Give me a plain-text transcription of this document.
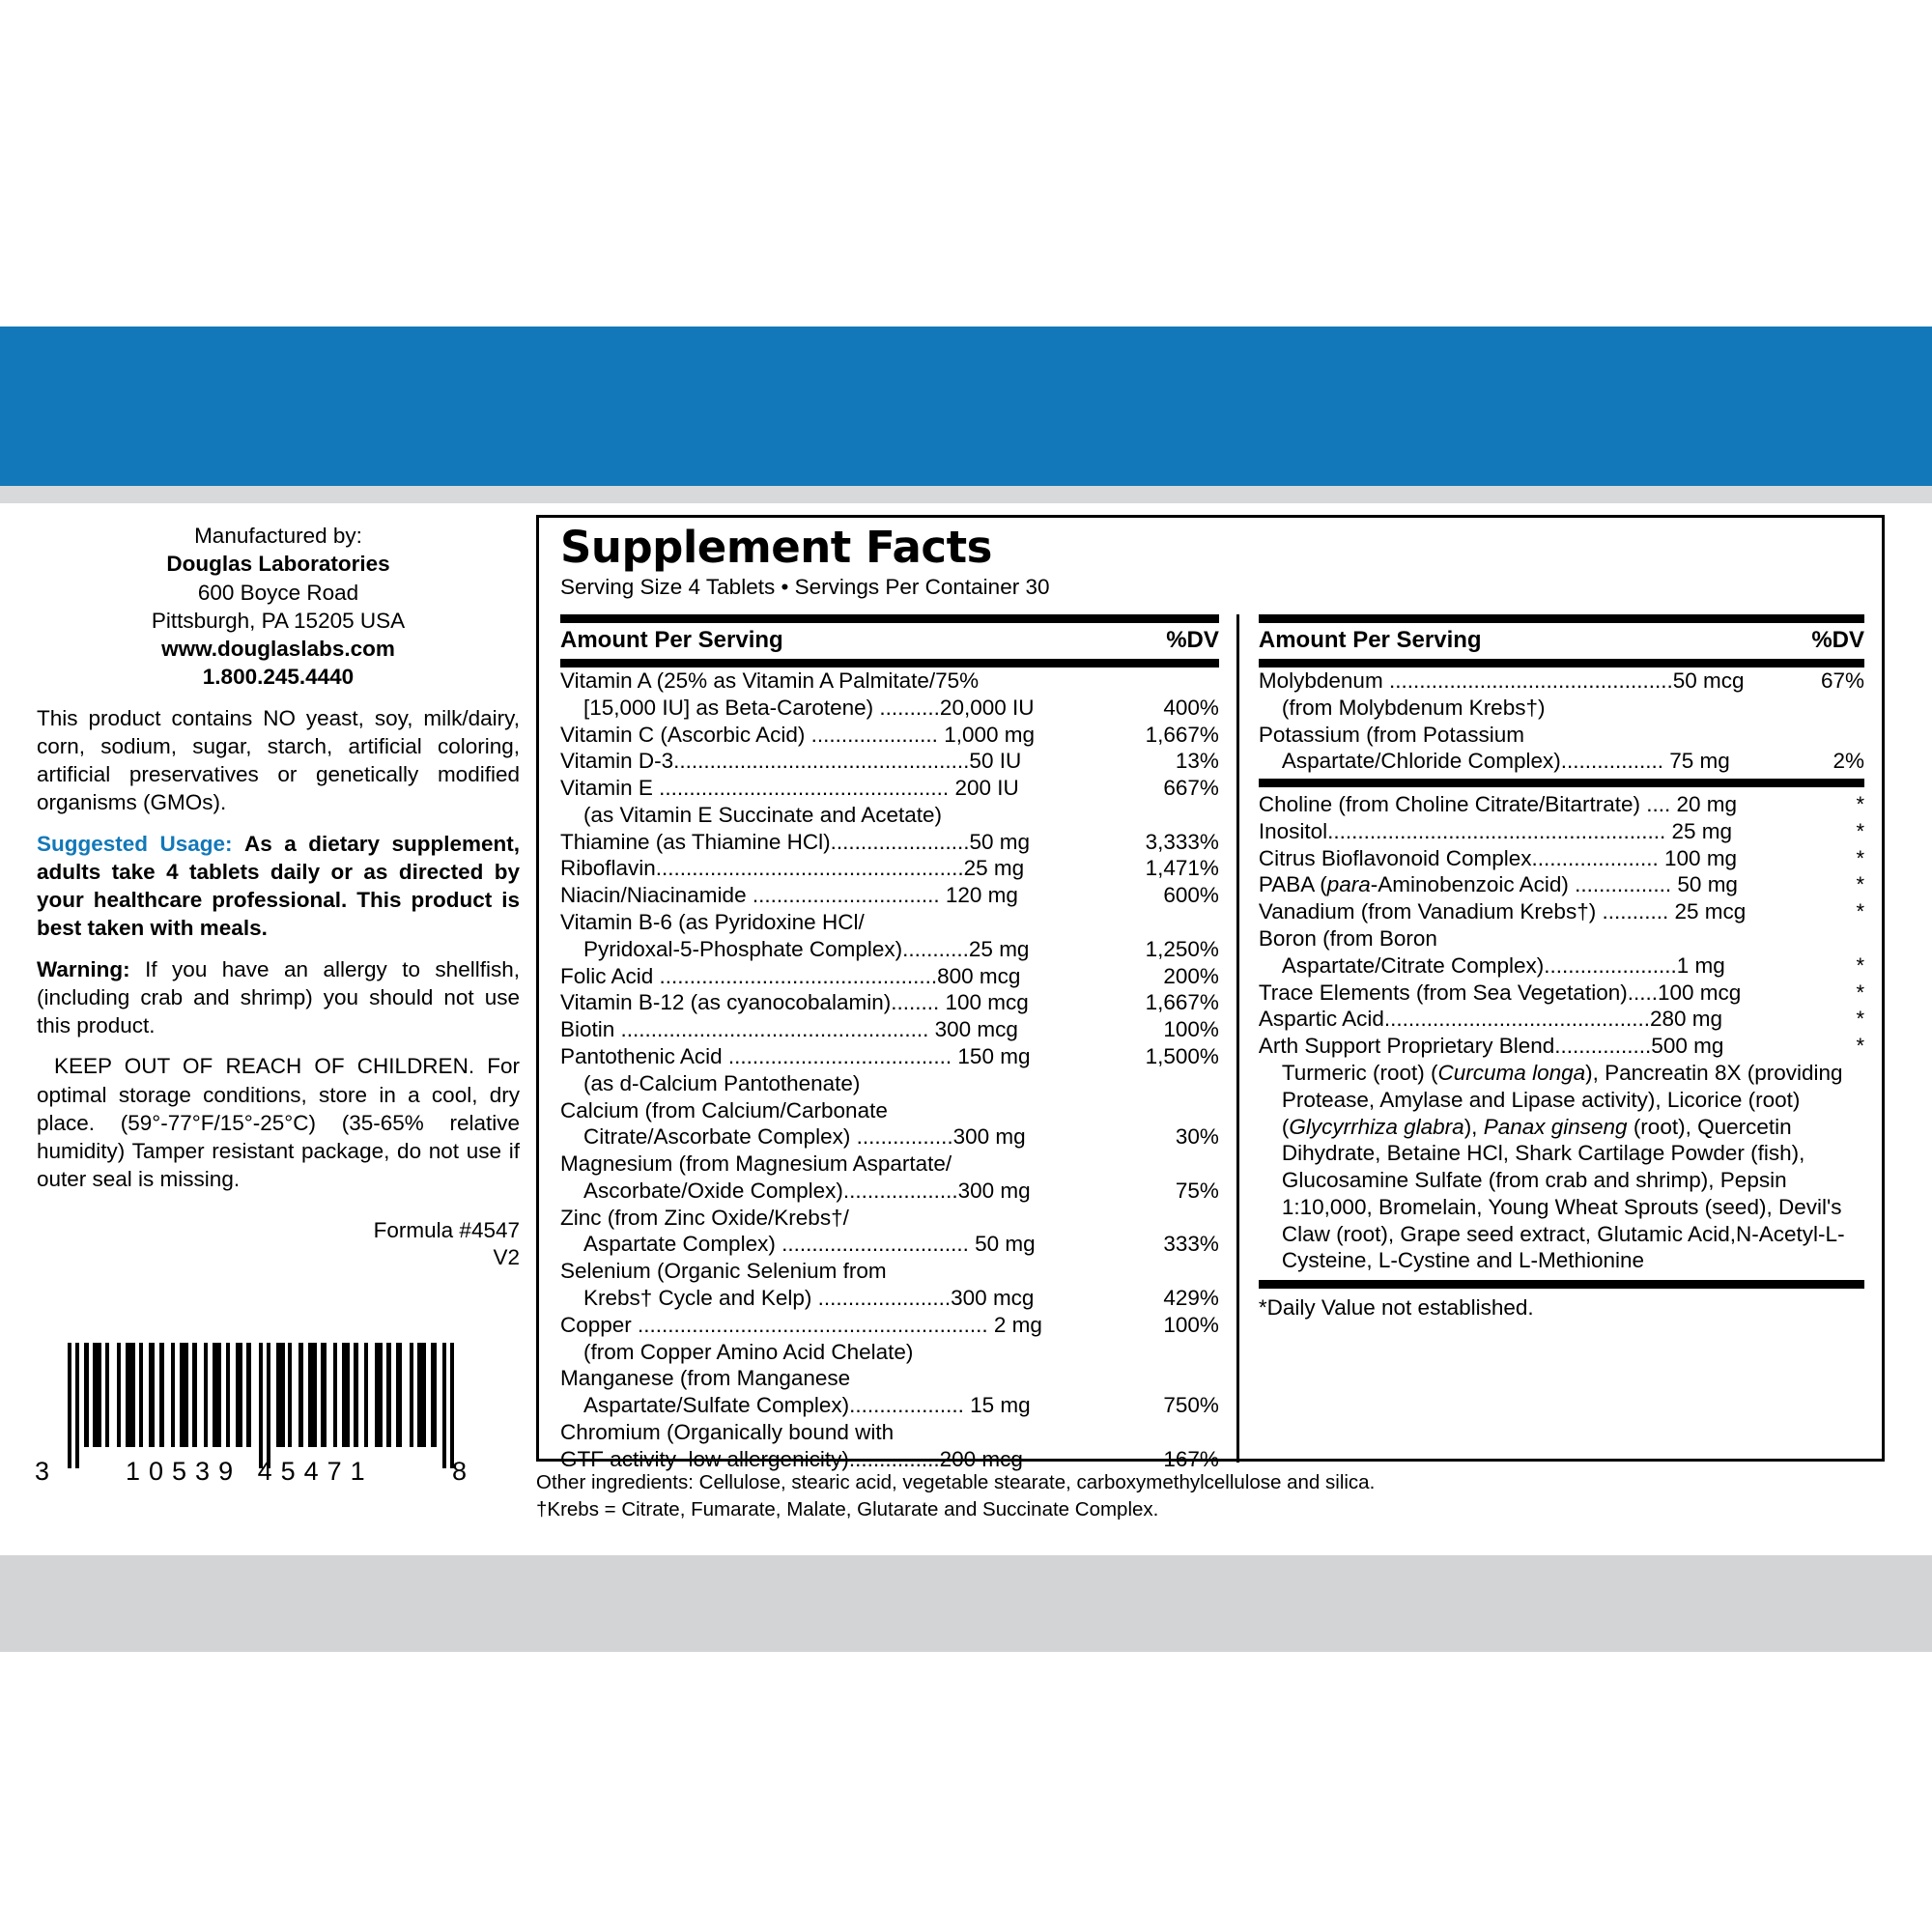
Manufactured by:
Douglas Laboratories
600 Boyce Road
Pittsburgh, PA 15205 USA
www.douglaslabs.com
1.800.245.4440
This product contains NO yeast, soy, milk/dairy, corn, sodium, sugar, starch, artificial coloring, artificial preservatives or genetically modified organisms (GMOs).
Suggested Usage: As a dietary supplement, adults take 4 tablets daily or as directed by your healthcare professional. This product is best taken with meals.
Warning: If you have an allergy to shellfish, (including crab and shrimp) you should not use this product.
KEEP OUT OF REACH OF CHILDREN. For optimal storage conditions, store in a cool, dry place. (59°-77°F/15°-25°C) (35-65% relative humidity) Tamper resistant package, do not use if outer seal is missing.
Formula #4547
V2
3	10539 45471	8
Supplement Facts
Serving Size 4 Tablets • Servings Per Container 30
Amount Per Serving	%DV
Vitamin A (25% as Vitamin A Palmitate/75%
[15,000 IU] as Beta-Carotene) ..........20,000 IU	400%
Vitamin C (Ascorbic Acid) ..................... 1,000 mg	1,667%
Vitamin D-3.................................................50 IU	13%
Vitamin E ................................................ 200 IU	667%
(as Vitamin E Succinate and Acetate)
Thiamine (as Thiamine HCl).......................50 mg	3,333%
Riboflavin...................................................25 mg	1,471%
Niacin/Niacinamide ............................... 120 mg	600%
Vitamin B-6 (as Pyridoxine HCl/
Pyridoxal-5-Phosphate Complex)...........25 mg	1,250%
Folic Acid ..............................................800 mcg	200%
Vitamin B-12 (as cyanocobalamin)........ 100 mcg	1,667%
Biotin ................................................... 300 mcg	100%
Pantothenic Acid ..................................... 150 mg	1,500%
(as d-Calcium Pantothenate)
Calcium (from Calcium/Carbonate
Citrate/Ascorbate Complex) ................300 mg	30%
Magnesium (from Magnesium Aspartate/
Ascorbate/Oxide Complex)...................300 mg	75%
Zinc (from Zinc Oxide/Krebs†/
Aspartate Complex) ............................... 50 mg	333%
Selenium (Organic Selenium from
Krebs† Cycle and Kelp) ......................300 mcg	429%
Copper .......................................................... 2 mg	100%
(from Copper Amino Acid Chelate)
Manganese (from Manganese
Aspartate/Sulfate Complex)................... 15 mg	750%
Chromium (Organically bound with
GTF activity–low allergenicity)...............200 mcg	167%
Amount Per Serving	%DV
Molybdenum ...............................................50 mcg	67%
(from Molybdenum Krebs†)
Potassium (from Potassium
Aspartate/Chloride Complex)................. 75 mg	2%
Choline (from Choline Citrate/Bitartrate) .... 20 mg	*
Inositol........................................................ 25 mg	*
Citrus Bioflavonoid Complex..................... 100 mg	*
PABA (para-Aminobenzoic Acid) ................ 50 mg	*
Vanadium (from Vanadium Krebs†) ........... 25 mcg	*
Boron (from Boron
Aspartate/Citrate Complex)......................1 mg	*
Trace Elements (from Sea Vegetation).....100 mcg	*
Aspartic Acid............................................280 mg	*
Arth Support Proprietary Blend................500 mg	*
Turmeric (root) (Curcuma longa), Pancreatin 8X (providing Protease, Amylase and Lipase activity), Licorice (root) (Glycyrrhiza glabra), Panax ginseng (root), Quercetin Dihydrate, Betaine HCl, Shark Cartilage Powder (fish), Glucosamine Sulfate (from crab and shrimp), Pepsin 1:10,000, Bromelain, Young Wheat Sprouts (seed), Devil's Claw (root), Grape seed extract, Glutamic Acid,N-Acetyl-L-Cysteine, L-Cystine and L-Methionine
*Daily Value not established.
Other ingredients: Cellulose, stearic acid, vegetable stearate, carboxymethylcellulose and silica.
†Krebs = Citrate, Fumarate, Malate, Glutarate and Succinate Complex.
